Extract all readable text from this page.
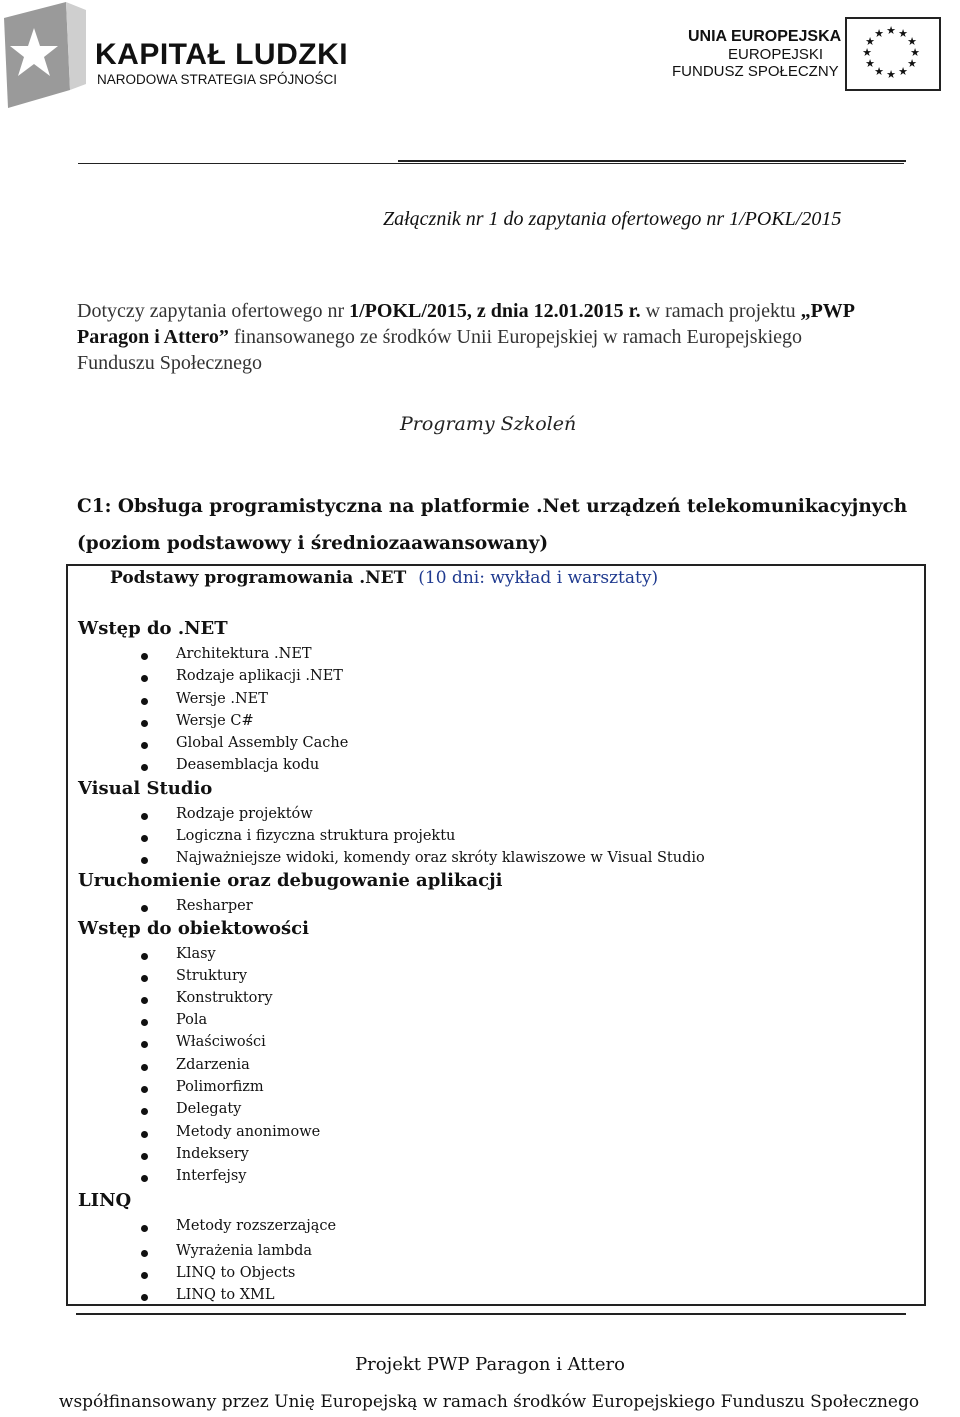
KAPITAŁ LUDZKI
NARODOWA STRATEGIA SPÓJNOŚCI
UNIA EUROPEJSKA
EUROPEJSKI
FUNDUSZ SPOŁECZNY
★ ★
★
★
★
★
★
★
★
★
★
★
Załącznik nr 1 do zapytania ofertowego nr 1/POKL/2015
Dotyczy zapytania ofertowego nr 1/POKL/2015, z dnia 12.01.2015 r. w ramach projektu „PWP Paragon i Attero” finansowanego ze środków Unii Europejskiej w ramach Europejskiego Funduszu Społecznego
Programy Szkoleń
C1: Obsługa programistyczna na platformie .Net urządzeń telekomunikacyjnych (poziom podstawowy i średniozaawansowany)
Podstawy programowania .NET (10 dni: wykład i warsztaty)
Wstęp do .NET
Architektura .NET
Rodzaje aplikacji .NET
Wersje .NET
Wersje C#
Global Assembly Cache
Deasemblacja kodu
Visual Studio
Rodzaje projektów
Logiczna i fizyczna struktura projektu
Najważniejsze widoki, komendy oraz skróty klawiszowe w Visual Studio
Uruchomienie oraz debugowanie aplikacji
Resharper
Wstęp do obiektowości
Klasy
Struktury
Konstruktory
Pola
Właściwości
Zdarzenia
Polimorfizm
Delegaty
Metody anonimowe
Indeksery
Interfejsy
LINQ
Metody rozszerzające
Wyrażenia lambda
LINQ to Objects
LINQ to XML
Projekt PWP Paragon i Attero
współfinansowany przez Unię Europejską w ramach środków Europejskiego Funduszu Społecznego
